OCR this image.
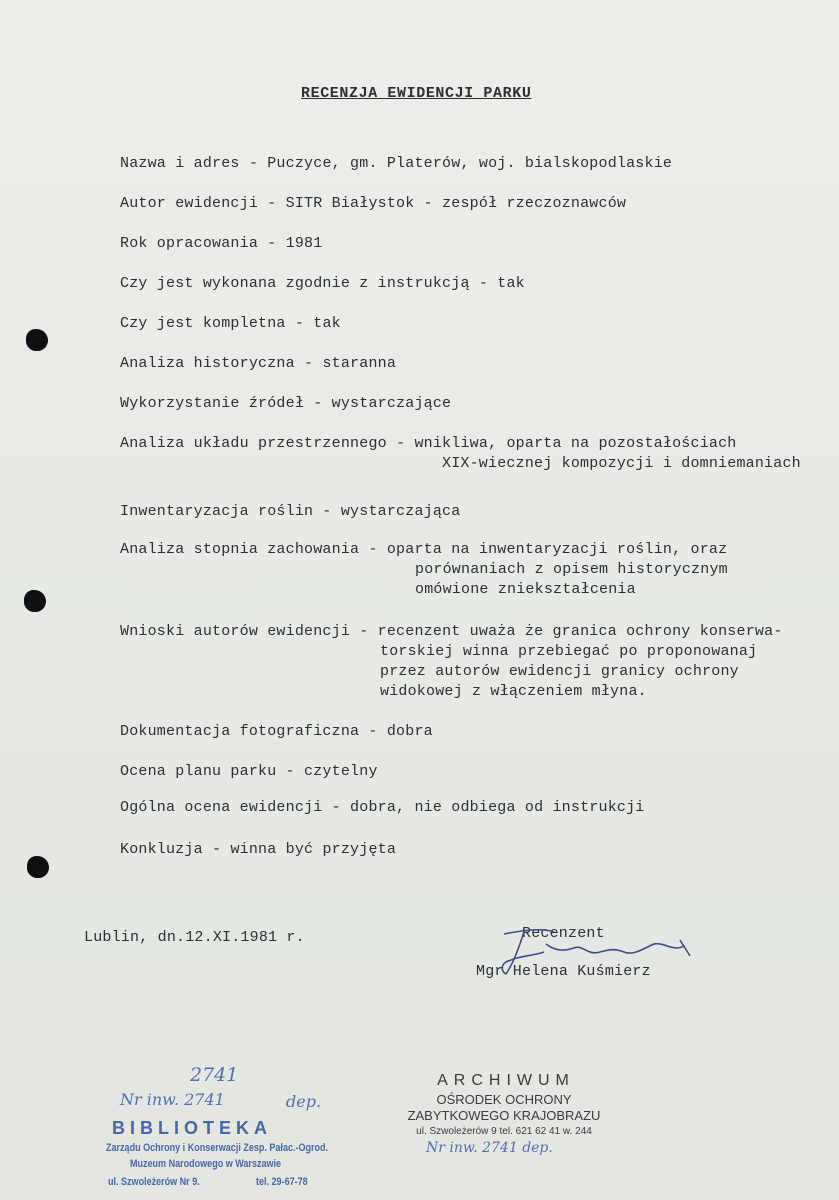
RECENZJA EWIDENCJI PARKU
Nazwa i adres - Puczyce, gm. Platerów, woj. bialskopodlaskie
Autor ewidencji - SITR Białystok - zespół rzeczoznawców
Rok opracowania - 1981
Czy jest wykonana zgodnie z instrukcją - tak
Czy jest kompletna - tak
Analiza historyczna - staranna
Wykorzystanie źródeł - wystarczające
Analiza układu przestrzennego - wnikliwa, oparta na pozostałościach
XIX-wiecznej kompozycji i domniemaniach
Inwentaryzacja roślin - wystarczająca
Analiza stopnia zachowania - oparta na inwentaryzacji roślin, oraz
porównaniach z opisem historycznym
omówione zniekształcenia
Wnioski autorów ewidencji - recenzent uważa że granica ochrony konserwa-
torskiej winna przebiegać po proponowanaj
przez autorów ewidencji granicy ochrony
widokowej z włączeniem młyna.
Dokumentacja fotograficzna - dobra
Ocena planu parku - czytelny
Ogólna ocena ewidencji - dobra, nie odbiega od instrukcji
Konkluzja - winna być przyjęta
Lublin, dn.12.XI.1981 r.	Recenzent
Mgr Helena Kuśmierz
ARCHIWUM
OŚRODEK OCHRONY
ZABYTKOWEGO KRAJOBRAZU
ul. Szwoleżerów 9 tel. 621 62 41 w. 244
Nr inw. 2741 dep.
2741
Nr inw. 2741	dep.
BIBLIOTEKA
Zarządu Ochrony i Konserwacji Zesp. Pałac.-Ogrod.
Muzeum Narodowego w Warszawie
ul. Szwoleżerów Nr 9.	tel. 29-67-78
